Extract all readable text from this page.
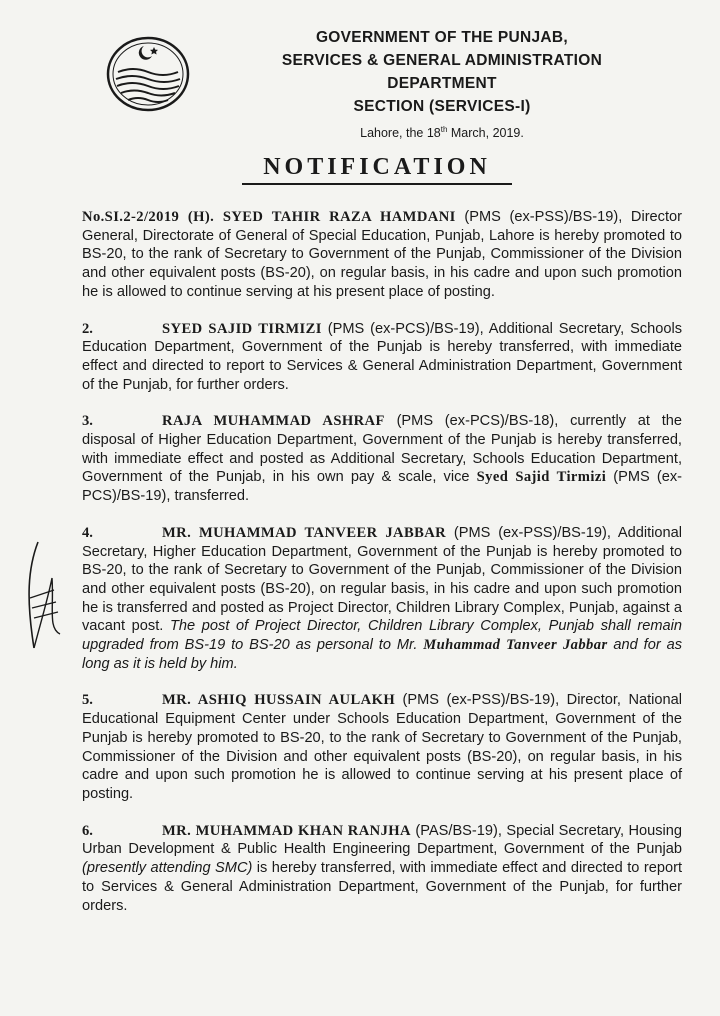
GOVERNMENT OF THE PUNJAB,
SERVICES & GENERAL ADMINISTRATION
DEPARTMENT
SECTION (SERVICES-I)
Lahore, the 18th March, 2019.
NOTIFICATION

No.SI.2-2/2019 (H). SYED TAHIR RAZA HAMDANI (PMS (ex-PSS)/BS-19), Director General, Directorate of General of Special Education, Punjab, Lahore is hereby promoted to BS-20, to the rank of Secretary to Government of the Punjab, Commissioner of the Division and other equivalent posts (BS-20), on regular basis, in his cadre and upon such promotion he is allowed to continue serving at his present place of posting.

2.	SYED SAJID TIRMIZI (PMS (ex-PCS)/BS-19), Additional Secretary, Schools Education Department, Government of the Punjab is hereby transferred, with immediate effect and directed to report to Services & General Administration Department, Government of the Punjab, for further orders.

3.	RAJA MUHAMMAD ASHRAF (PMS (ex-PCS)/BS-18), currently at the disposal of Higher Education Department, Government of the Punjab is hereby transferred, with immediate effect and posted as Additional Secretary, Schools Education Department, Government of the Punjab, in his own pay & scale, vice Syed Sajid Tirmizi (PMS (ex-PCS)/BS-19), transferred.

4.	MR. MUHAMMAD TANVEER JABBAR (PMS (ex-PSS)/BS-19), Additional Secretary, Higher Education Department, Government of the Punjab is hereby promoted to BS-20, to the rank of Secretary to Government of the Punjab, Commissioner of the Division and other equivalent posts (BS-20), on regular basis, in his cadre and upon such promotion he is transferred and posted as Project Director, Children Library Complex, Punjab, against a vacant post. The post of Project Director, Children Library Complex, Punjab shall remain upgraded from BS-19 to BS-20 as personal to Mr. Muhammad Tanveer Jabbar and for as long as it is held by him.

5.	MR. ASHIQ HUSSAIN AULAKH (PMS (ex-PSS)/BS-19), Director, National Educational Equipment Center under Schools Education Department, Government of the Punjab is hereby promoted to BS-20, to the rank of Secretary to Government of the Punjab, Commissioner of the Division and other equivalent posts (BS-20), on regular basis, in his cadre and upon such promotion he is allowed to continue serving at his present place of posting.

6.	MR. MUHAMMAD KHAN RANJHA (PAS/BS-19), Special Secretary, Housing Urban Development & Public Health Engineering Department, Government of the Punjab (presently attending SMC) is hereby transferred, with immediate effect and directed to report to Services & General Administration Department, Government of the Punjab, for further orders.
